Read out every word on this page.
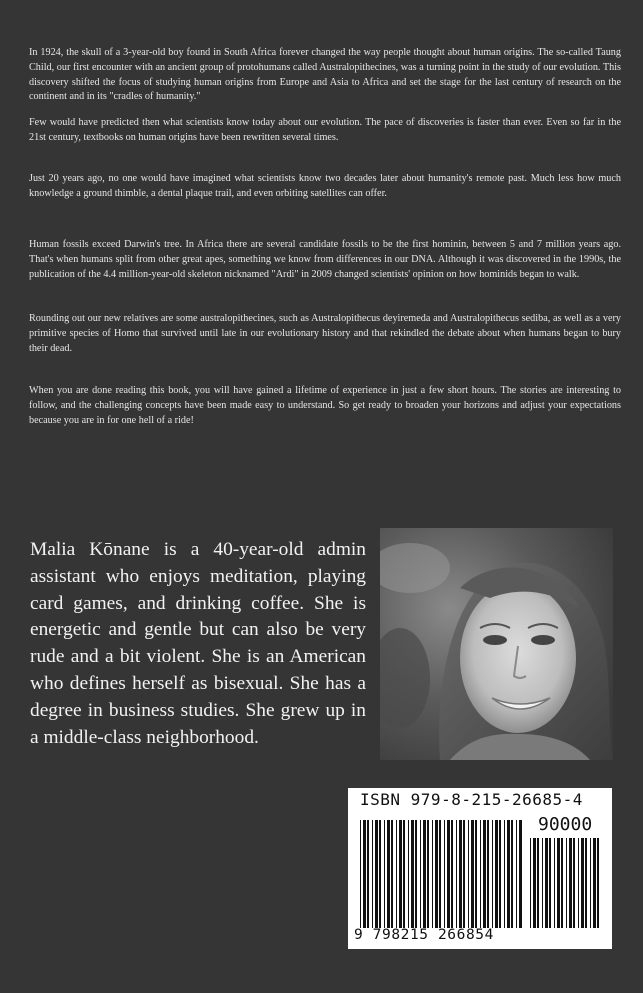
In 1924, the skull of a 3-year-old boy found in South Africa forever changed the way people thought about human origins. The so-called Taung Child, our first encounter with an ancient group of protohumans called Australopithecines, was a turning point in the study of our evolution. This discovery shifted the focus of studying human origins from Europe and Asia to Africa and set the stage for the last century of research on the continent and in its "cradles of humanity."

Few would have predicted then what scientists know today about our evolution. The pace of discoveries is faster than ever. Even so far in the 21st century, textbooks on human origins have been rewritten several times.

Just 20 years ago, no one would have imagined what scientists know two decades later about humanity's remote past. Much less how much knowledge a ground thimble, a dental plaque trail, and even orbiting satellites can offer.

Human fossils exceed Darwin's tree. In Africa there are several candidate fossils to be the first hominin, between 5 and 7 million years ago. That's when humans split from other great apes, something we know from differences in our DNA. Although it was discovered in the 1990s, the publication of the 4.4 million-year-old skeleton nicknamed "Ardi" in 2009 changed scientists' opinion on how hominids began to walk.

Rounding out our new relatives are some australopithecines, such as Australopithecus deyiremeda and Australopithecus sediba, as well as a very primitive species of Homo that survived until late in our evolutionary history and that rekindled the debate about when humans began to bury their dead.

When you are done reading this book, you will have gained a lifetime of experience in just a few short hours. The stories are interesting to follow, and the challenging concepts have been made easy to understand. So get ready to broaden your horizons and adjust your expectations because you are in for one hell of a ride!

Malia Kōnane is a 40-year-old admin assistant who enjoys meditation, playing card games, and drinking coffee. She is energetic and gentle but can also be very rude and a bit violent. She is an American who defines herself as bisexual. She has a degree in business studies. She grew up in a middle-class neighborhood.

ISBN 979-8-215-26685-4
90000
9 798215 266854
